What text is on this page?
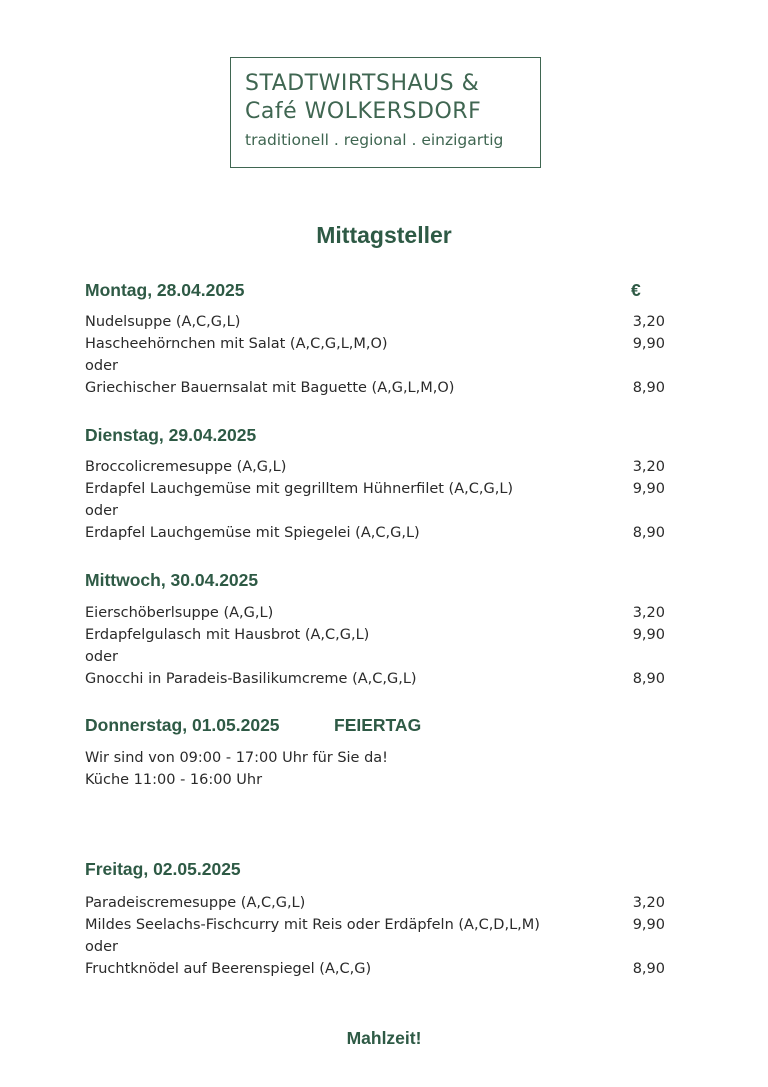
STADTWIRTSHAUS &
Café WOLKERSDORF
traditionell . regional . einzigartig
Mittagsteller
Montag, 28.04.2025	€
Nudelsuppe (A,C,G,L)	3,20
Hascheehörnchen mit Salat (A,C,G,L,M,O)	9,90
oder
Griechischer Bauernsalat mit Baguette (A,G,L,M,O)	8,90
Dienstag, 29.04.2025
Broccolicremesuppe (A,G,L)	3,20
Erdapfel Lauchgemüse mit gegrilltem Hühnerfilet (A,C,G,L)	9,90
oder
Erdapfel Lauchgemüse mit Spiegelei (A,C,G,L)	8,90
Mittwoch, 30.04.2025
Eierschöberlsuppe (A,G,L)	3,20
Erdapfelgulasch mit Hausbrot (A,C,G,L)	9,90
oder
Gnocchi in Paradeis-Basilikumcreme (A,C,G,L)	8,90
Donnerstag, 01.05.2025	FEIERTAG
Wir sind von 09:00 - 17:00 Uhr für Sie da!
Küche 11:00 - 16:00 Uhr
Freitag, 02.05.2025
Paradeiscremesuppe (A,C,G,L)	3,20
Mildes Seelachs-Fischcurry mit Reis oder Erdäpfeln (A,C,D,L,M)	9,90
oder
Fruchtknödel auf Beerenspiegel (A,C,G)	8,90
Mahlzeit!
